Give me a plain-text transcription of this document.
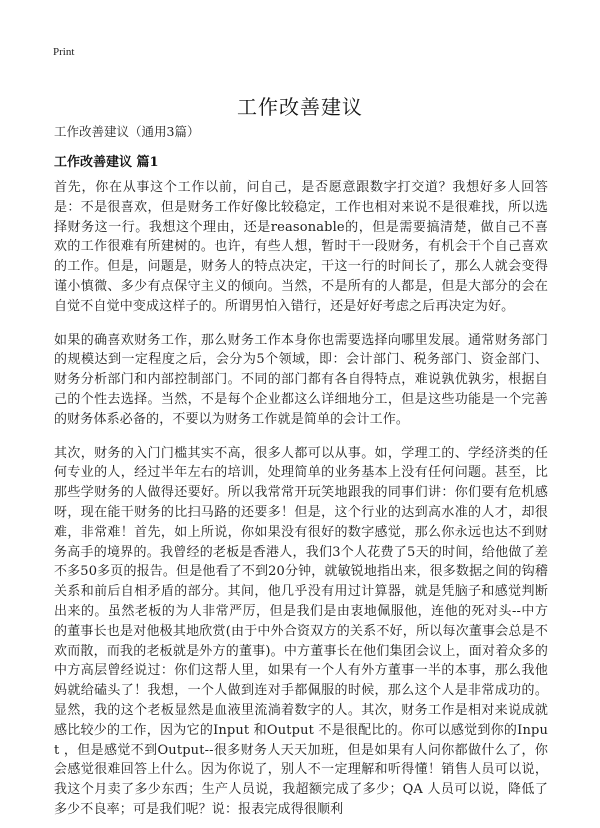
Print
工作改善建议
工作改善建议（通用3篇）
工作改善建议 篇1

首先，你在从事这个工作以前，问自己，是否愿意跟数字打交道？我想好多人回答是：不是很喜欢，但是财务工作好像比较稳定，工作也相对来说不是很难找，所以选择财务这一行。我想这个理由，还是reasonable的，但是需要搞清楚，做自己不喜欢的工作很难有所建树的。也许，有些人想，暂时干一段财务，有机会干个自己喜欢的工作。但是，问题是，财务人的特点决定，干这一行的时间长了，那么人就会变得谨小慎微、多少有点保守主义的倾向。当然，不是所有的人都是，但是大部分的会在自觉不自觉中变成这样子的。所谓男怕入错行，还是好好考虑之后再决定为好。

如果的确喜欢财务工作，那么财务工作本身你也需要选择向哪里发展。通常财务部门的规模达到一定程度之后，会分为5个领域，即：会计部门、税务部门、资金部门、财务分析部门和内部控制部门。不同的部门都有各自得特点，难说孰优孰劣，根据自己的个性去选择。当然，不是每个企业都这么详细地分工，但是这些功能是一个完善的财务体系必备的，不要以为财务工作就是简单的会计工作。

其次，财务的入门门槛其实不高，很多人都可以从事。如，学理工的、学经济类的任何专业的人，经过半年左右的培训，处理简单的业务基本上没有任何问题。甚至，比那些学财务的人做得还要好。所以我常常开玩笑地跟我的同事们讲：你们要有危机感呀，现在能干财务的比扫马路的还要多！但是，这个行业的达到高水准的人才，却很难，非常难！首先，如上所说，你如果没有很好的数字感觉，那么你永远也达不到财务高手的境界的。我曾经的老板是香港人，我们3个人花费了5天的时间，给他做了差不多50多页的报告。但是他看了不到20分钟，就敏锐地指出来，很多数据之间的钩稽关系和前后自相矛盾的部分。其间，他几乎没有用过计算器，就是凭脑子和感觉判断出来的。虽然老板的为人非常严厉，但是我们是由衷地佩服他，连他的死对头--中方的董事长也是对他极其地欣赏(由于中外合资双方的关系不好，所以每次董事会总是不欢而散，而我的老板就是外方的董事)。中方董事长在他们集团会议上，面对着众多的中方高层曾经说过：你们这帮人里，如果有一个人有外方董事一半的本事，那么我他妈就给磕头了！我想，一个人做到连对手都佩服的时候，那么这个人是非常成功的。显然，我的这个老板显然是血液里流淌着数字的人。其次，财务工作是相对来说成就感比较少的工作，因为它的Input 和Output 不是很配比的。你可以感觉到你的Input ，但是感觉不到Output--很多财务人天天加班，但是如果有人问你都做什么了，你会感觉很难回答上什么。因为你说了，别人不一定理解和听得懂！销售人员可以说，我这个月卖了多少东西；生产人员说，我超额完成了多少；QA 人员可以说，降低了多少不良率；可是我们呢？说：报表完成得很顺利
